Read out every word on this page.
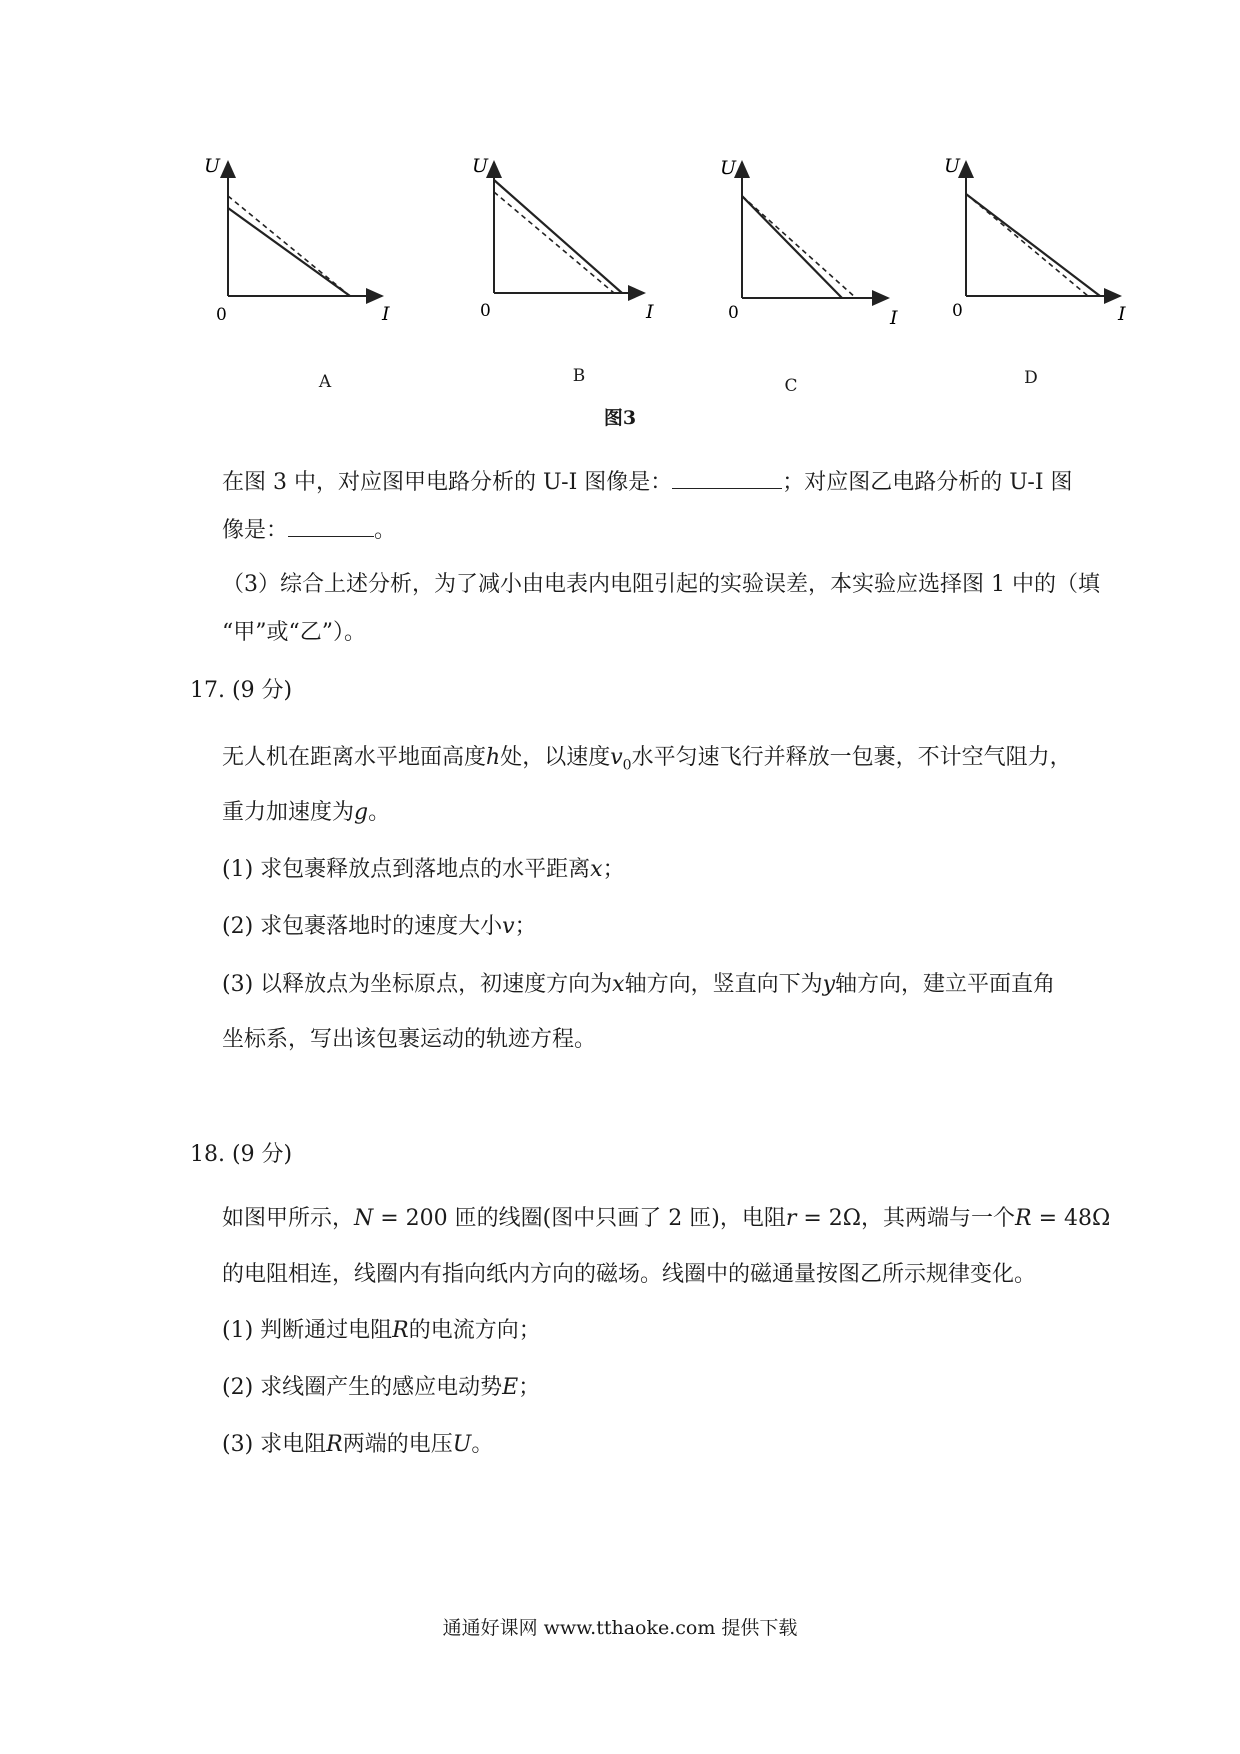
U
0	I
A
U
0	I
B
U
0	I
C
U
0	I
D
图3
在图 3 中，对应图甲电路分析的 U-I 图像是：	；对应图乙电路分析的 U-I 图
像是：	。
（3）综合上述分析，为了减小由电表内电阻引起的实验误差，本实验应选择图 1 中的（填
“甲”或“乙”）。
17. (9 分)
无人机在距离水平地面高度h处，以速度$v_0$水平匀速飞行并释放一包裹，不计空气阻力，
重力加速度为g。
(1) 求包裹释放点到落地点的水平距离x；
(2) 求包裹落地时的速度大小v；
(3) 以释放点为坐标原点，初速度方向为x轴方向，竖直向下为y轴方向，建立平面直角
坐标系，写出该包裹运动的轨迹方程。
18. (9 分)
如图甲所示，N = 200 匝的线圈(图中只画了 2 匝)，电阻r = 2Ω，其两端与一个R = 48Ω
的电阻相连，线圈内有指向纸内方向的磁场。线圈中的磁通量按图乙所示规律变化。
(1) 判断通过电阻R的电流方向；
(2) 求线圈产生的感应电动势E；
(3) 求电阻R两端的电压U。
通通好课网 www.tthaoke.com 提供下载
